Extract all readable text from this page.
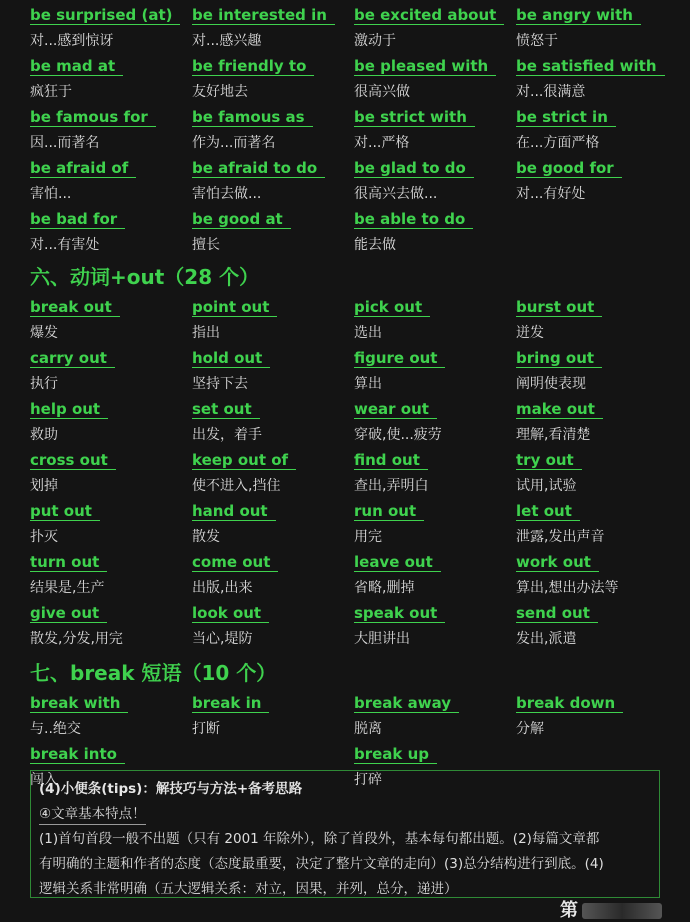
be surprised (at)
对...感到惊讶
be interested in
对...感兴趣
be excited about
激动于
be angry with
愤怒于
be mad at
疯狂于
be friendly to
友好地去
be pleased with
很高兴做
be satisfied with
对...很满意
be famous for
因...而著名
be famous as
作为...而著名
be strict with
对...严格
be strict in
在...方面严格
be afraid of
害怕...
be afraid to do
害怕去做...
be glad to do
很高兴去做...
be good for
对...有好处
be bad for
对...有害处
be good at
擅长
be able to do
能去做
六、动词+out（28 个）
break out
爆发
point out
指出
pick out
选出
burst out
迸发
carry out
执行
hold out
坚持下去
figure out
算出
bring out
阐明使表现
help out
救助
set out
出发，着手
wear out
穿破,使...疲劳
make out
理解,看清楚
cross out
划掉
keep out of
使不进入,挡住
find out
查出,弄明白
try out
试用,试验
put out
扑灭
hand out
散发
run out
用完
let out
泄露,发出声音
turn out
结果是,生产
come out
出版,出来
leave out
省略,删掉
work out
算出,想出办法等
give out
散发,分发,用完
look out
当心,堤防
speak out
大胆讲出
send out
发出,派遣
七、break 短语（10 个）
break with
与..绝交
break in
打断
break away
脱离
break down
分解
break into
闯入
break up
打碎
(4)小便条(tips)：解技巧与方法+备考思路
④文章基本特点！
(1)首句首段一般不出题（只有 2001 年除外），除了首段外，基本每句都出题。(2)每篇文章都
有明确的主题和作者的态度（态度最重要，决定了整片文章的走向）(3)总分结构进行到底。(4)
逻辑关系非常明确（五大逻辑关系：对立，因果，并列，总分，递进）
第
